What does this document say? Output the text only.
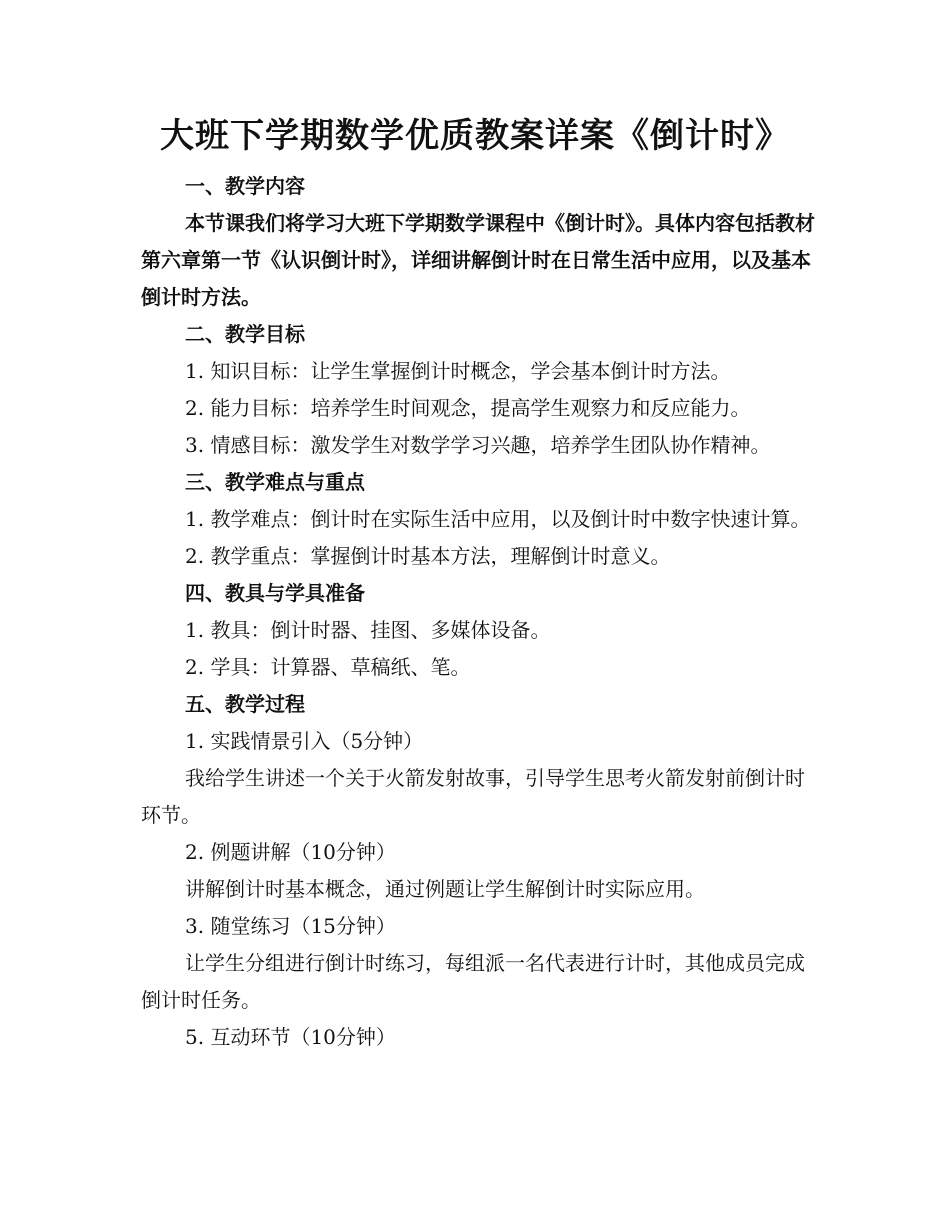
大班下学期数学优质教案详案《倒计时》

一、教学内容

本节课我们将学习大班下学期数学课程中《倒计时》。具体内容包括教材第六章第一节《认识倒计时》，详细讲解倒计时在日常生活中应用，以及基本倒计时方法。

二、教学目标

1. 知识目标：让学生掌握倒计时概念，学会基本倒计时方法。

2. 能力目标：培养学生时间观念，提高学生观察力和反应能力。

3. 情感目标：激发学生对数学学习兴趣，培养学生团队协作精神。

三、教学难点与重点

1. 教学难点：倒计时在实际生活中应用，以及倒计时中数字快速计算。

2. 教学重点：掌握倒计时基本方法，理解倒计时意义。

四、教具与学具准备

1. 教具：倒计时器、挂图、多媒体设备。

2. 学具：计算器、草稿纸、笔。

五、教学过程

1. 实践情景引入（5分钟）

我给学生讲述一个关于火箭发射故事，引导学生思考火箭发射前倒计时环节。

2. 例题讲解（10分钟）

讲解倒计时基本概念，通过例题让学生解倒计时实际应用。

3. 随堂练习（15分钟）

让学生分组进行倒计时练习，每组派一名代表进行计时，其他成员完成倒计时任务。

5. 互动环节（10分钟）
